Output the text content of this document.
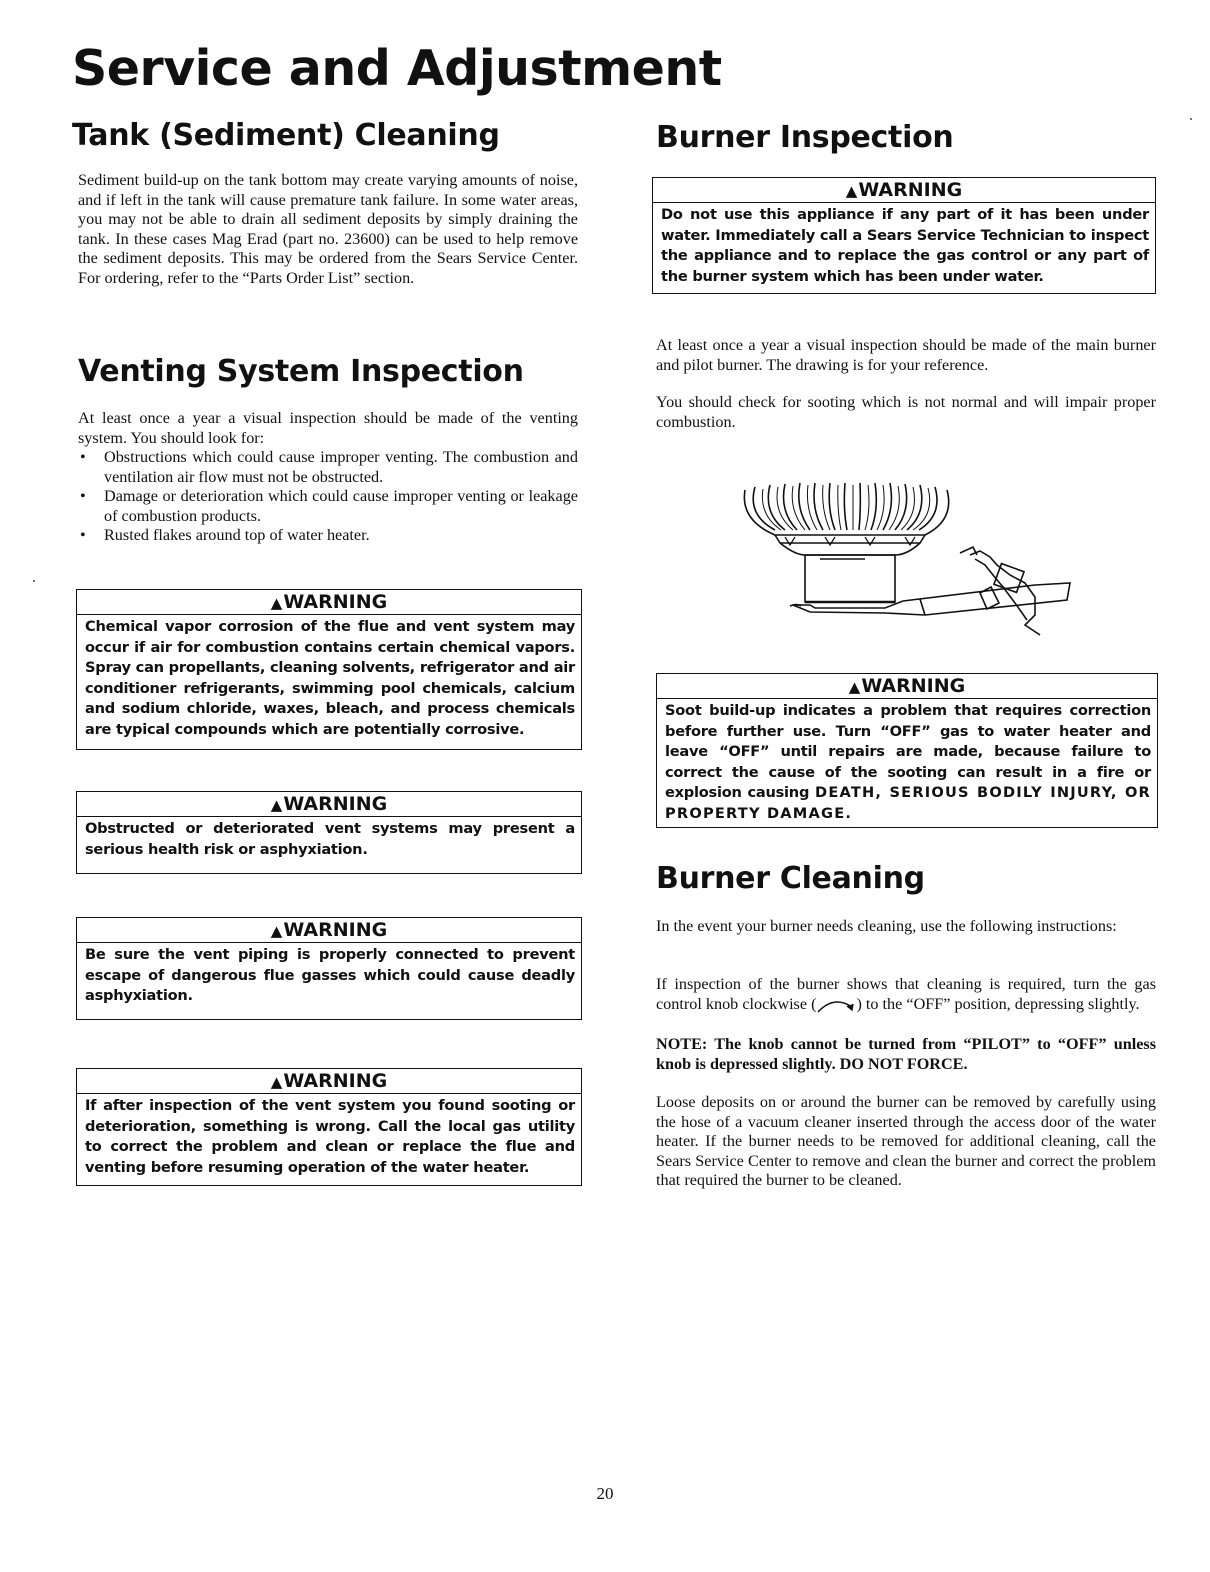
Service and Adjustment
Tank (Sediment) Cleaning

Sediment build-up on the tank bottom may create varying amounts of noise, and if left in the tank will cause premature tank failure. In some water areas, you may not be able to drain all sediment deposits by simply draining the tank. In these cases Mag Erad (part no. 23600) can be used to help remove the sediment deposits. This may be ordered from the Sears Service Center. For ordering, refer to the “Parts Order List” section.

Venting System Inspection

At least once a year a visual inspection should be made of the venting system. You should look for:

• Obstructions which could cause improper venting. The combustion and ventilation air flow must not be obstructed.
• Damage or deterioration which could cause improper venting or leakage of combustion products.
• Rusted flakes around top of water heater.
▲WARNING
Chemical vapor corrosion of the flue and vent system may occur if air for combustion contains certain chemical vapors. Spray can propellants, cleaning solvents, refrigerator and air conditioner refrigerants, swimming pool chemicals, calcium and sodium chloride, waxes, bleach, and process chemicals are typical compounds which are potentially corrosive.
▲WARNING
Obstructed or deteriorated vent systems may present a serious health risk or asphyxiation.
▲WARNING
Be sure the vent piping is properly connected to prevent escape of dangerous flue gasses which could cause deadly asphyxiation.
▲WARNING
If after inspection of the vent system you found sooting or deterioration, something is wrong. Call the local gas utility to correct the problem and clean or replace the flue and venting before resuming operation of the water heater.
Burner Inspection
▲WARNING
Do not use this appliance if any part of it has been under water. Immediately call a Sears Service Technician to inspect the appliance and to replace the gas control or any part of the burner system which has been under water.

At least once a year a visual inspection should be made of the main burner and pilot burner. The drawing is for your reference.

You should check for sooting which is not normal and will impair proper combustion.

▲WARNING
Soot build-up indicates a problem that requires correction before further use. Turn “OFF” gas to water heater and leave “OFF” until repairs are made, because failure to correct the cause of the sooting can result in a fire or explosion causing DEATH, SERIOUS BODILY INJURY, OR PROPERTY DAMAGE.
Burner Cleaning

In the event your burner needs cleaning, use the following instructions:

If inspection of the burner shows that cleaning is required, turn the gas control knob clockwise ( ) to the “OFF” position, depressing slightly.

NOTE: The knob cannot be turned from “PILOT” to “OFF” unless knob is depressed slightly. DO NOT FORCE.

Loose deposits on or around the burner can be removed by carefully using the hose of a vacuum cleaner inserted through the access door of the water heater. If the burner needs to be removed for additional cleaning, call the Sears Service Center to remove and clean the burner and correct the problem that required the burner to be cleaned.

20
